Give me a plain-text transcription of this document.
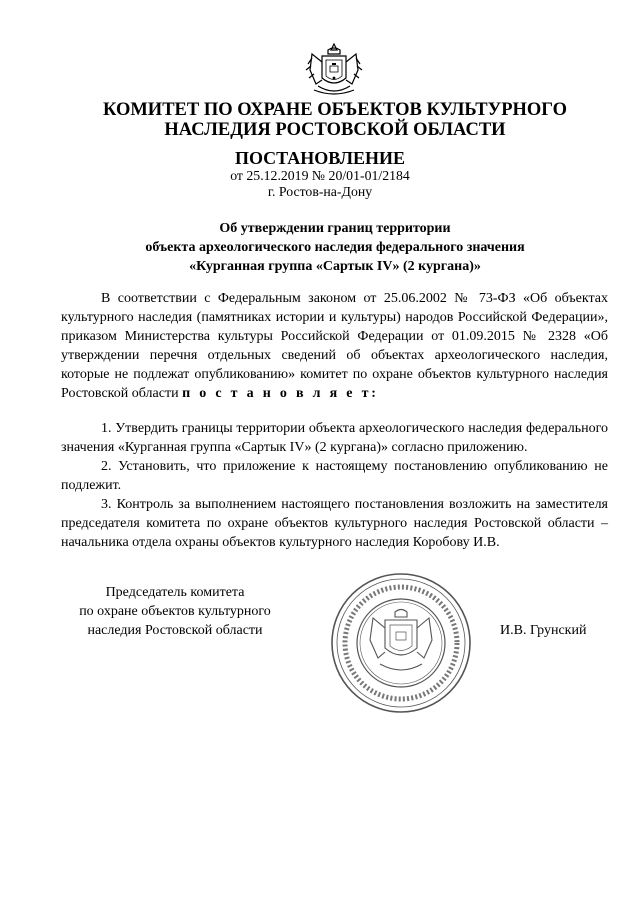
КОМИТЕТ ПО ОХРАНЕ ОБЪЕКТОВ КУЛЬТУРНОГО
НАСЛЕДИЯ РОСТОВСКОЙ ОБЛАСТИ
ПОСТАНОВЛЕНИЕ
от 25.12.2019 № 20/01-01/2184
г. Ростов-на-Дону
Об утверждении границ территории
объекта археологического наследия федерального значения
«Курганная группа «Сартык IV» (2 кургана)»

В соответствии с Федеральным законом от 25.06.2002 № 73-ФЗ «Об объектах культурного наследия (памятниках истории и культуры) народов Российской Федерации», приказом Министерства культуры Российской Федерации от 01.09.2015 № 2328 «Об утверждении перечня отдельных сведений об объектах археологического наследия, которые не подлежат опубликованию» комитет по охране объектов культурного наследия Ростовской области п о с т а н о в л я е т:

1. Утвердить границы территории объекта археологического наследия федерального значения «Курганная группа «Сартык IV» (2 кургана)» согласно приложению.

2. Установить, что приложение к настоящему постановлению опубликованию не подлежит.

3. Контроль за выполнением настоящего постановления возложить на заместителя председателя комитета по охране объектов культурного наследия Ростовской области – начальника отдела охраны объектов культурного наследия Коробову И.В.

Председатель комитета
по охране объектов культурного
наследия Ростовской области	И.В. Грунский
